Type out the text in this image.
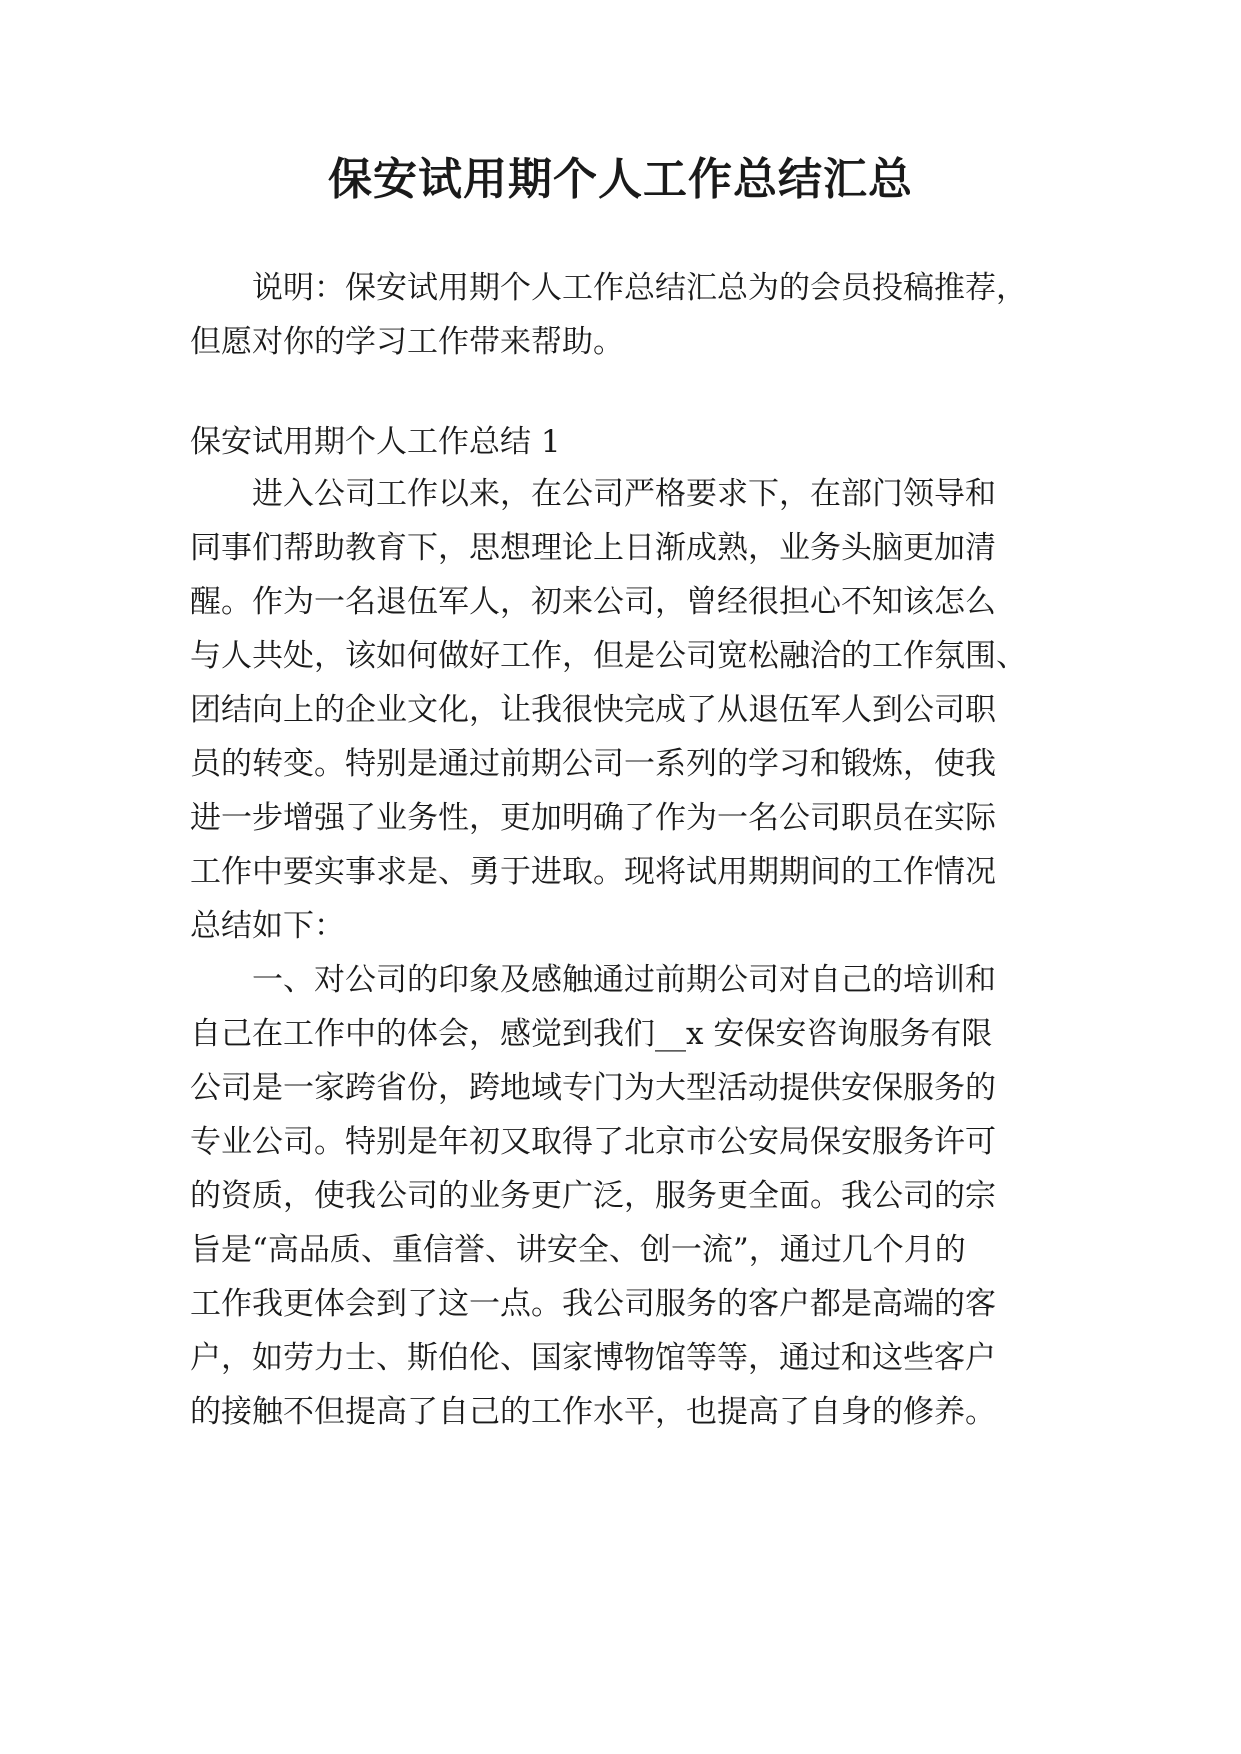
保安试用期个人工作总结汇总
说明：保安试用期个人工作总结汇总为的会员投稿推荐，
但愿对你的学习工作带来帮助。
保安试用期个人工作总结 1
进入公司工作以来，在公司严格要求下，在部门领导和
同事们帮助教育下，思想理论上日渐成熟，业务头脑更加清
醒。作为一名退伍军人，初来公司，曾经很担心不知该怎么
与人共处，该如何做好工作，但是公司宽松融洽的工作氛围、
团结向上的企业文化，让我很快完成了从退伍军人到公司职
员的转变。特别是通过前期公司一系列的学习和锻炼，使我
进一步增强了业务性，更加明确了作为一名公司职员在实际
工作中要实事求是、勇于进取。现将试用期期间的工作情况
总结如下：
一、对公司的印象及感触通过前期公司对自己的培训和
自己在工作中的体会，感觉到我们__x 安保安咨询服务有限
公司是一家跨省份，跨地域专门为大型活动提供安保服务的
专业公司。特别是年初又取得了北京市公安局保安服务许可
的资质，使我公司的业务更广泛，服务更全面。我公司的宗
旨是“高品质、重信誉、讲安全、创一流”，通过几个月的
工作我更体会到了这一点。我公司服务的客户都是高端的客
户，如劳力士、斯伯伦、国家博物馆等等，通过和这些客户
的接触不但提高了自己的工作水平，也提高了自身的修养。
